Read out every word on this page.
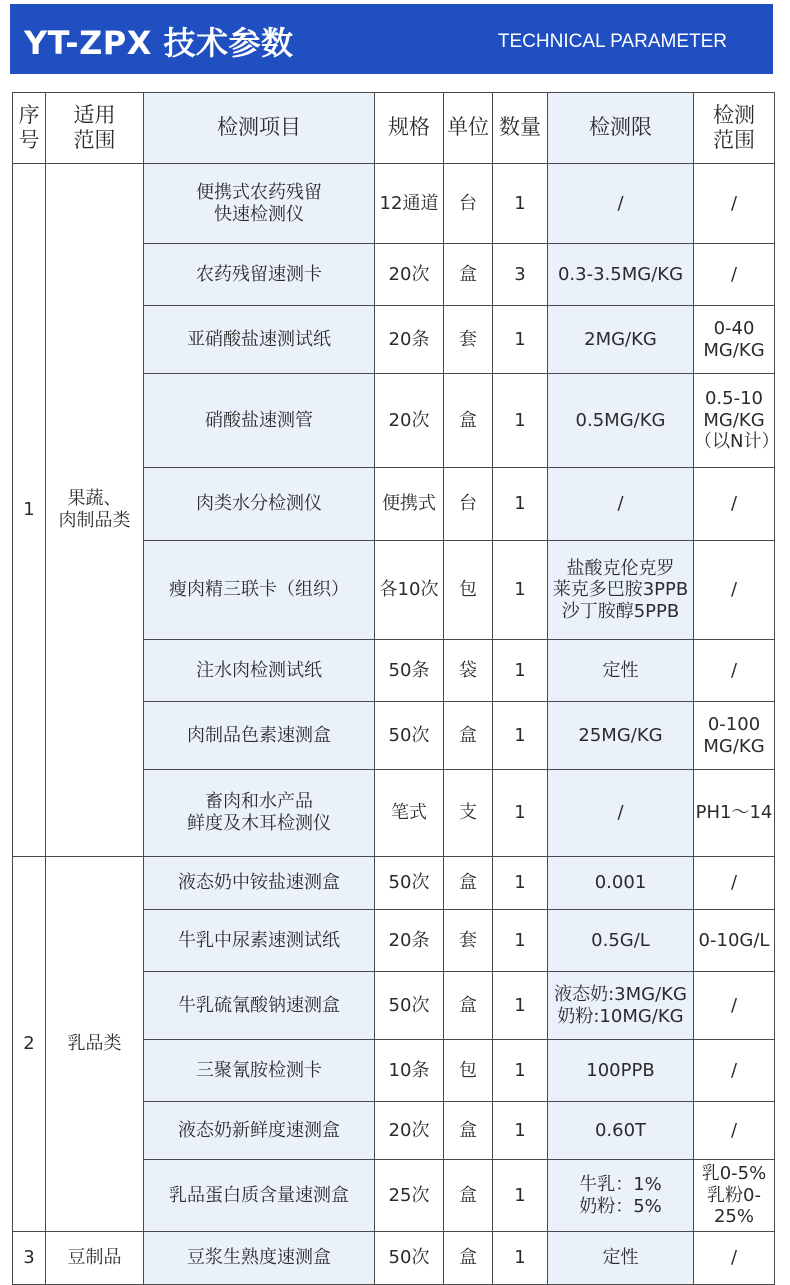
YT-ZPX 技术参数	TECHNICAL PARAMETER
序
号	适用
范围	检测项目	规格	单位	数量	检测限	检测
范围
1	果蔬、
肉制品类	便携式农药残留
快速检测仪	12通道	台	1	/	/
		农药残留速测卡	20次	盒	3	0.3-3.5MG/KG	/
		亚硝酸盐速测试纸	20条	套	1	2MG/KG	0-40
MG/KG
		硝酸盐速测管	20次	盒	1	0.5MG/KG	0.5-10
MG/KG
（以N计）
		肉类水分检测仪	便携式	台	1	/	/
		瘦肉精三联卡（组织）	各10次	包	1	盐酸克伦克罗
莱克多巴胺3PPB
沙丁胺醇5PPB	/
		注水肉检测试纸	50条	袋	1	定性	/
		肉制品色素速测盒	50次	盒	1	25MG/KG	0-100
MG/KG
		畜肉和水产品
鲜度及木耳检测仪	笔式	支	1	/	PH1～14
2	乳品类	液态奶中铵盐速测盒	50次	盒	1	0.001	/
		牛乳中尿素速测试纸	20条	套	1	0.5G/L	0-10G/L
		牛乳硫氰酸钠速测盒	50次	盒	1	液态奶:3MG/KG
奶粉:10MG/KG	/
		三聚氰胺检测卡	10条	包	1	100PPB	/
		液态奶新鲜度速测盒	20次	盒	1	0.60T	/
		乳品蛋白质含量速测盒	25次	盒	1	牛乳：1%
奶粉：5%	乳0-5%
乳粉0-25%
3	豆制品	豆浆生熟度速测盒	50次	盒	1	定性	/
